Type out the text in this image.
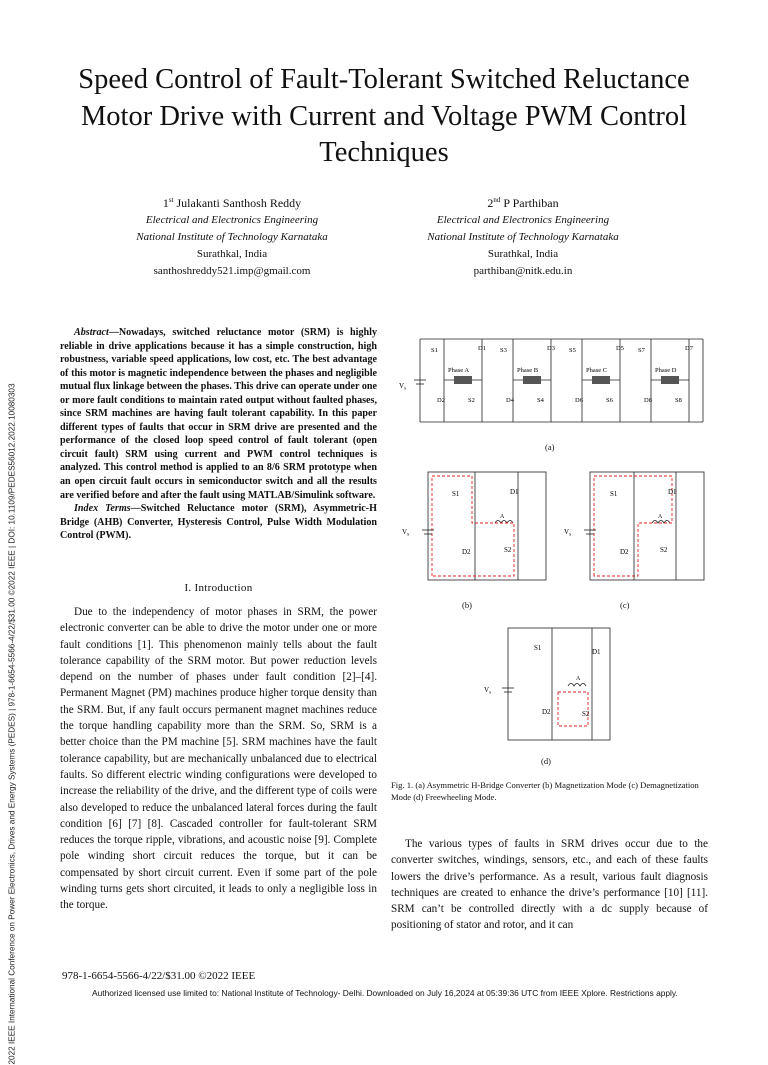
2022 IEEE International Conference on Power Electronics, Drives and Energy Systems (PEDES) | 978-1-6654-5566-4/22/$31.00 ©2022 IEEE | DOI: 10.1109/PEDES56012.2022.10080303
Speed Control of Fault-Tolerant Switched Reluctance Motor Drive with Current and Voltage PWM Control Techniques
1st Julakanti Santhosh Reddy
Electrical and Electronics Engineering
National Institute of Technology Karnataka
Surathkal, India
santhoshreddy521.imp@gmail.com
2nd P Parthiban
Electrical and Electronics Engineering
National Institute of Technology Karnataka
Surathkal, India
parthiban@nitk.edu.in

Abstract—Nowadays, switched reluctance motor (SRM) is highly reliable in drive applications because it has a simple construction, high robustness, variable speed applications, low cost, etc. The best advantage of this motor is magnetic independence between the phases and negligible mutual flux linkage between the phases. This drive can operate under one or more fault conditions to maintain rated output without faulted phases, since SRM machines are having fault tolerant capability. In this paper different types of faults that occur in SRM drive are presented and the performance of the closed loop speed control of fault tolerant (open circuit fault) SRM using current and PWM control techniques is analyzed. This control method is applied to an 8/6 SRM prototype when an open circuit fault occurs in semiconductor switch and all the results are verified before and after the fault using MATLAB/Simulink software.

Index Terms—Switched Reluctance motor (SRM), Asymmetric-H Bridge (AHB) Converter, Hysteresis Control, Pulse Width Modulation Control (PWM).

I. Introduction

Due to the independency of motor phases in SRM, the power electronic converter can be able to drive the motor under one or more fault conditions [1]. This phenomenon mainly tells about the fault tolerance capability of the SRM motor. But power reduction levels depend on the number of phases under fault condition [2]–[4]. Permanent Magnet (PM) machines produce higher torque density than the SRM. But, if any fault occurs permanent magnet machines reduce the torque handling capability more than the SRM. So, SRM is a better choice than the PM machine [5]. SRM machines have the fault tolerance capability, but are mechanically unbalanced due to electrical faults. So different electric winding configurations were developed to increase the reliability of the drive, and the different type of coils were also developed to reduce the unbalanced lateral forces during the fault condition [6] [7] [8]. Cascaded controller for fault-tolerant SRM reduces the torque ripple, vibrations, and acoustic noise [9]. Complete pole winding short circuit reduces the torque, but it can be compensated by short circuit current. Even if some part of the pole winding turns gets short circuited, it leads to only a negligible loss in the torque.

Phase A
S1	D1
D2	S2
Phase B
S3	D3
D4	S4
Phase C
S5	D5
D6	S6
Phase D
S7	D7
D8	S8
$V_s$
(a)
S1	D1
A
D2	S2
$V_s$
(b)
S1	D1
A
D2	S2
$V_s$
(c)
S1	D1
A
D2	S2
$V_s$
(d)
Fig. 1. (a) Asymmetric H-Bridge Converter (b) Magnetization Mode (c) Demagnetization Mode (d) Freewheeling Mode.

The various types of faults in SRM drives occur due to the converter switches, windings, sensors, etc., and each of these faults lowers the drive’s performance. As a result, various fault diagnosis techniques are created to enhance the drive’s performance [10] [11]. SRM can’t be controlled directly with a dc supply because of positioning of stator and rotor, and it can

978-1-6654-5566-4/22/$31.00 ©2022 IEEE
Authorized licensed use limited to: National Institute of Technology- Delhi. Downloaded on July 16,2024 at 05:39:36 UTC from IEEE Xplore. Restrictions apply.
